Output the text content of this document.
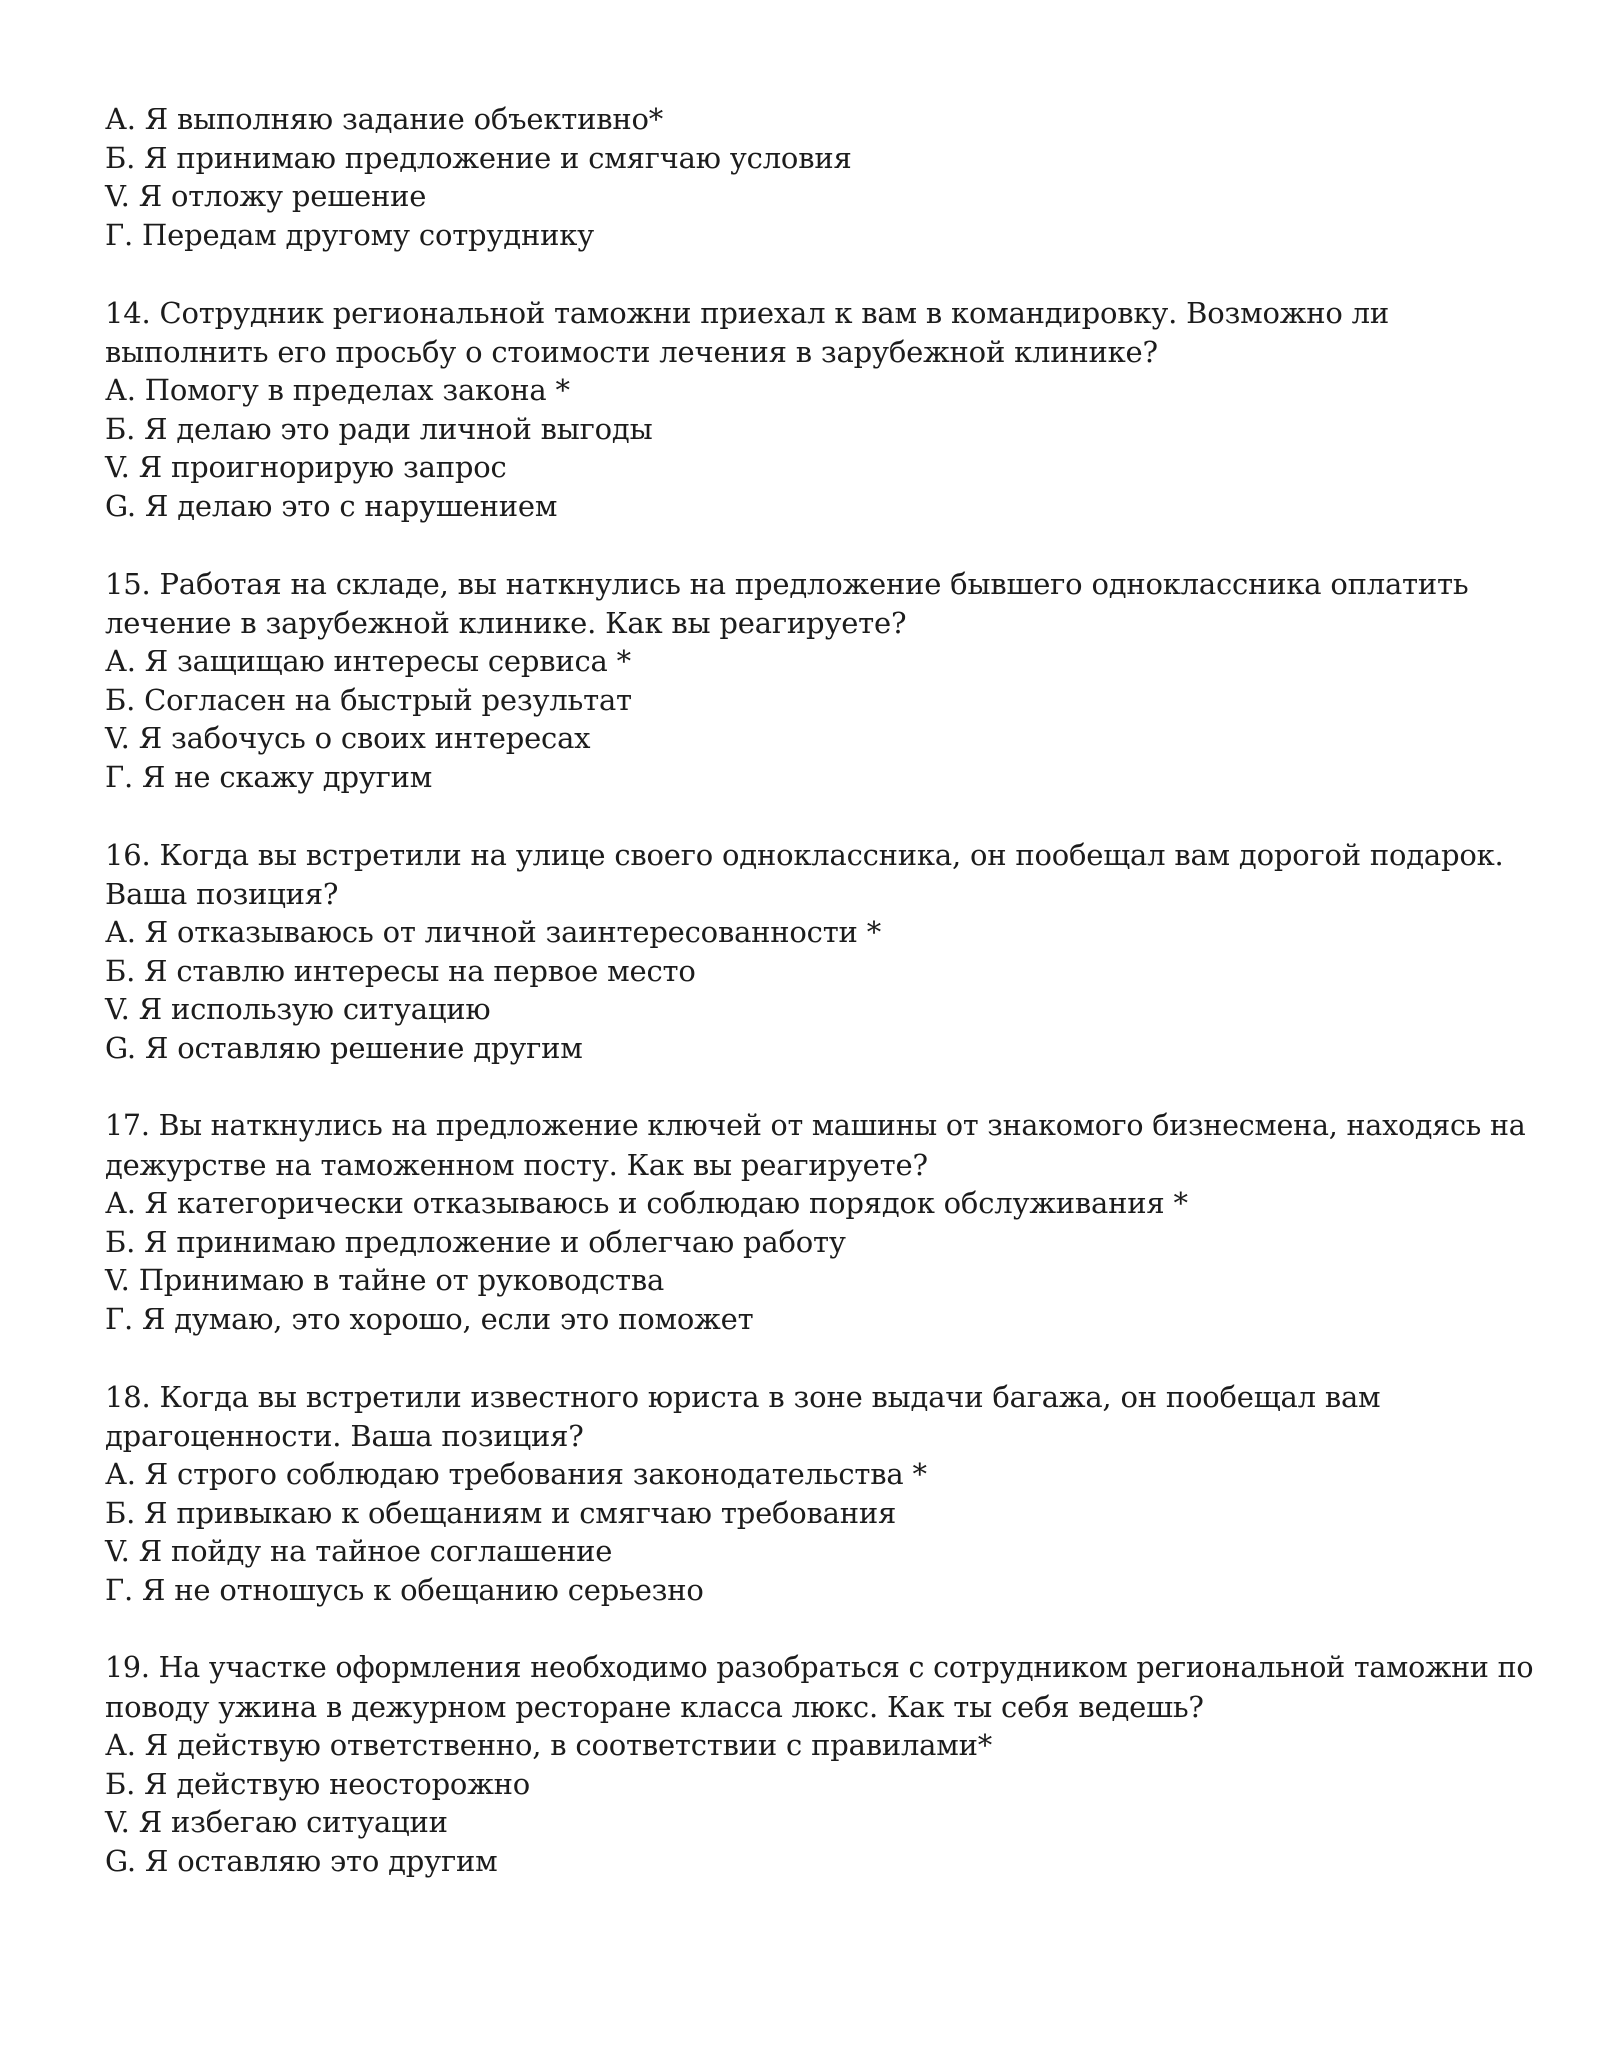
А. Я выполняю задание объективно*
Б. Я принимаю предложение и смягчаю условия
V. Я отложу решение
Г. Передам другому сотруднику
14. Сотрудник региональной таможни приехал к вам в командировку. Возможно ли
выполнить его просьбу о стоимости лечения в зарубежной клинике?
А. Помогу в пределах закона *
Б. Я делаю это ради личной выгоды
V. Я проигнорирую запрос
G. Я делаю это с нарушением
15. Работая на складе, вы наткнулись на предложение бывшего одноклассника оплатить
лечение в зарубежной клинике. Как вы реагируете?
А. Я защищаю интересы сервиса *
Б. Согласен на быстрый результат
V. Я забочусь о своих интересах
Г. Я не скажу другим
16. Когда вы встретили на улице своего одноклассника, он пообещал вам дорогой подарок.
Ваша позиция?
А. Я отказываюсь от личной заинтересованности *
Б. Я ставлю интересы на первое место
V. Я использую ситуацию
G. Я оставляю решение другим
17. Вы наткнулись на предложение ключей от машины от знакомого бизнесмена, находясь на
дежурстве на таможенном посту. Как вы реагируете?
А. Я категорически отказываюсь и соблюдаю порядок обслуживания *
Б. Я принимаю предложение и облегчаю работу
V. Принимаю в тайне от руководства
Г. Я думаю, это хорошо, если это поможет
18. Когда вы встретили известного юриста в зоне выдачи багажа, он пообещал вам
драгоценности. Ваша позиция?
А. Я строго соблюдаю требования законодательства *
Б. Я привыкаю к обещаниям и смягчаю требования
V. Я пойду на тайное соглашение
Г. Я не отношусь к обещанию серьезно
19. На участке оформления необходимо разобраться с сотрудником региональной таможни по
поводу ужина в дежурном ресторане класса люкс. Как ты себя ведешь?
А. Я действую ответственно, в соответствии с правилами*
Б. Я действую неосторожно
V. Я избегаю ситуации
G. Я оставляю это другим
